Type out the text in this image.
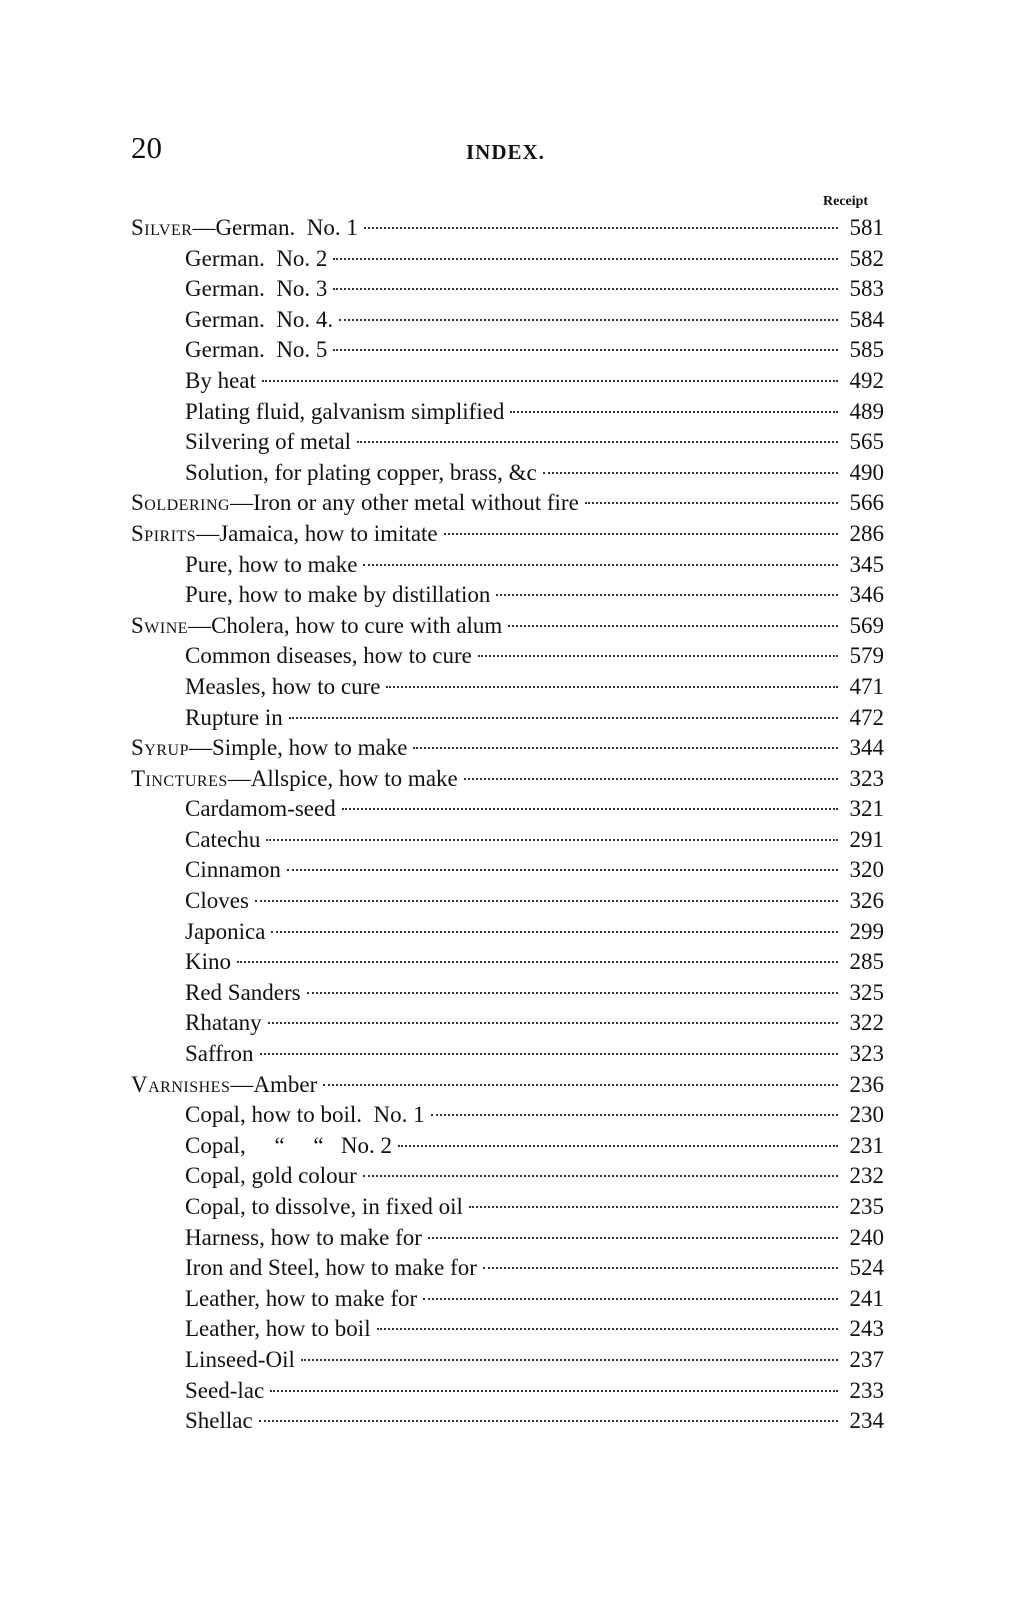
20	INDEX.
Receipt
Silver—German.  No. 1	581
German.  No. 2	582
German.  No. 3	583
German.  No. 4.	584
German.  No. 5	585
By heat	492
Plating fluid, galvanism simplified	489
Silvering of metal	565
Solution, for plating copper, brass, &c	490
Soldering—Iron or any other metal without fire	566
Spirits—Jamaica, how to imitate	286
Pure, how to make	345
Pure, how to make by distillation	346
Swine—Cholera, how to cure with alum	569
Common diseases, how to cure	579
Measles, how to cure	471
Rupture in	472
Syrup—Simple, how to make	344
Tinctures—Allspice, how to make	323
Cardamom-seed	321
Catechu	291
Cinnamon	320
Cloves	326
Japonica	299
Kino	285
Red Sanders	325
Rhatany	322
Saffron	323
Varnishes—Amber	236
Copal, how to boil.  No. 1	230
Copal,     “     “   No. 2	231
Copal, gold colour	232
Copal, to dissolve, in fixed oil	235
Harness, how to make for	240
Iron and Steel, how to make for	524
Leather, how to make for	241
Leather, how to boil	243
Linseed-Oil	237
Seed-lac	233
Shellac	234
